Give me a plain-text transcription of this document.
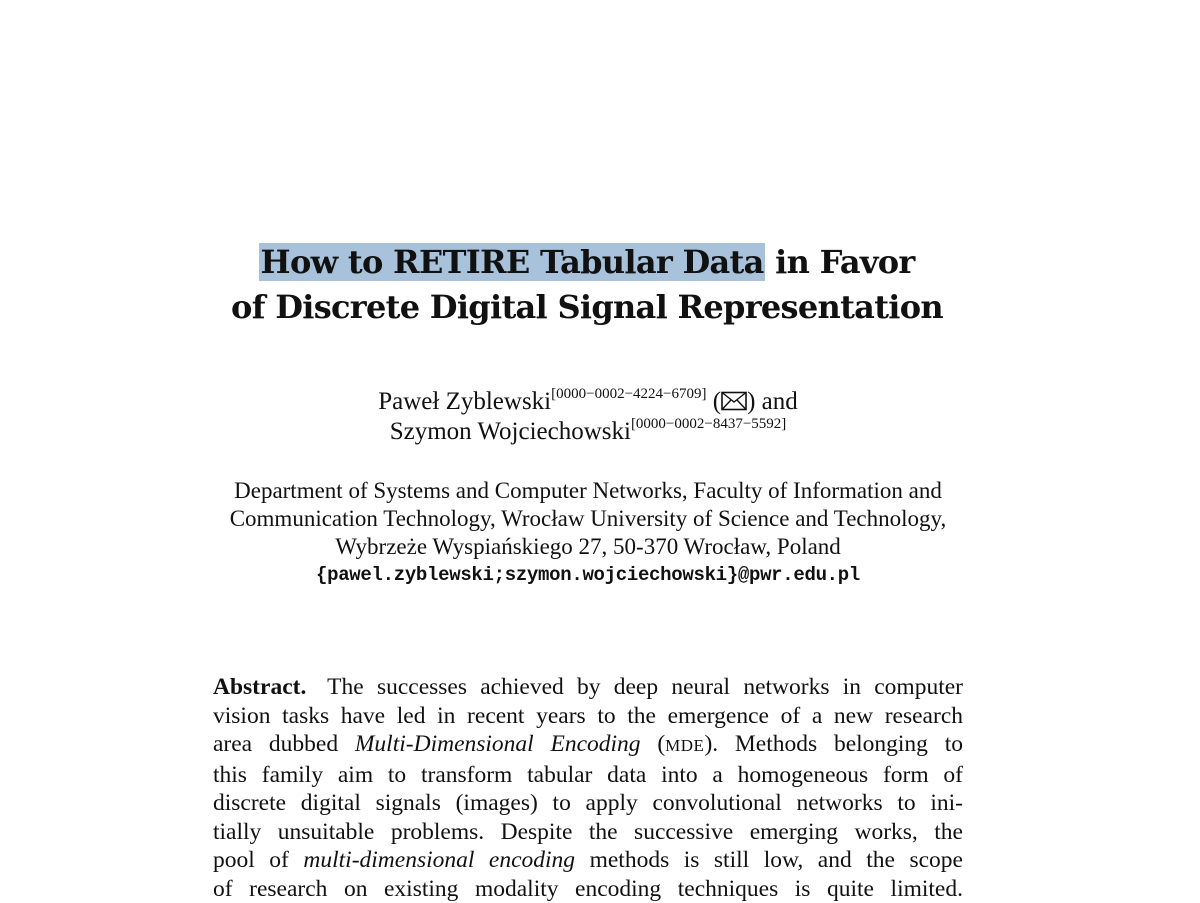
How to RETIRE Tabular Data in Favor
of Discrete Digital Signal Representation
Paweł Zyblewski[0000−0002−4224−6709] ( ) and
Szymon Wojciechowski[0000−0002−8437−5592]
Department of Systems and Computer Networks, Faculty of Information and
Communication Technology, Wrocław University of Science and Technology,
Wybrzeże Wyspiańskiego 27, 50-370 Wrocław, Poland
{pawel.zyblewski;szymon.wojciechowski}@pwr.edu.pl
Abstract. The successes achieved by deep neural networks in computer
vision tasks have led in recent years to the emergence of a new research
area dubbed Multi-Dimensional Encoding (MDE). Methods belonging to
this family aim to transform tabular data into a homogeneous form of
discrete digital signals (images) to apply convolutional networks to ini-
tially unsuitable problems. Despite the successive emerging works, the
pool of multi-dimensional encoding methods is still low, and the scope
of research on existing modality encoding techniques is quite limited.
